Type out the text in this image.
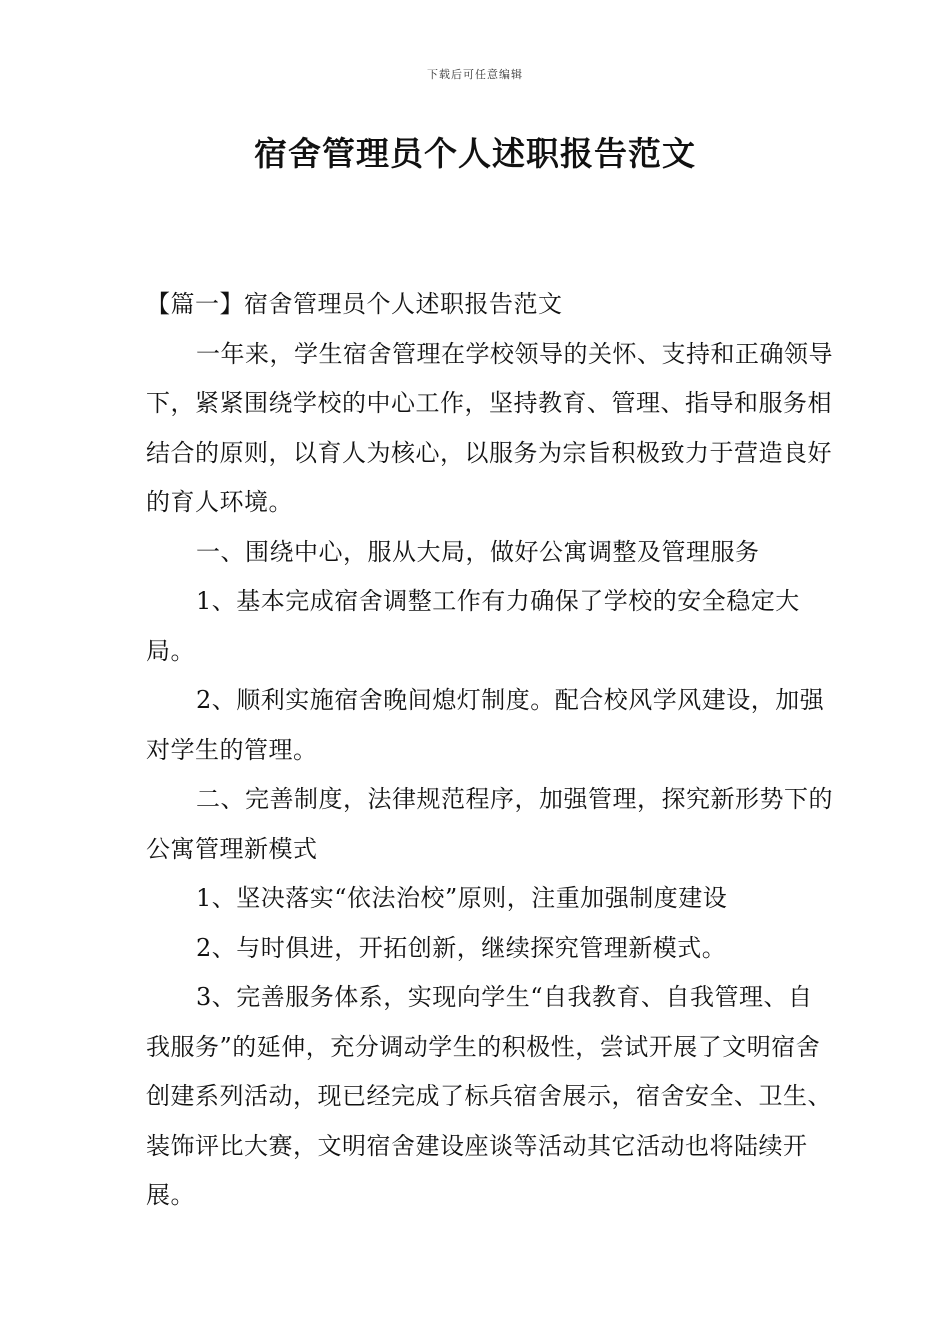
下载后可任意编辑
宿舍管理员个人述职报告范文

【篇一】宿舍管理员个人述职报告范文

一年来，学生宿舍管理在学校领导的关怀、支持和正确领导下，紧紧围绕学校的中心工作，坚持教育、管理、指导和服务相结合的原则，以育人为核心，以服务为宗旨积极致力于营造良好的育人环境。

一、围绕中心，服从大局，做好公寓调整及管理服务

1、基本完成宿舍调整工作有力确保了学校的安全稳定大局。

2、顺利实施宿舍晚间熄灯制度。配合校风学风建设，加强对学生的管理。

二、完善制度，法律规范程序，加强管理，探究新形势下的公寓管理新模式

1、坚决落实“依法治校”原则，注重加强制度建设

2、与时俱进，开拓创新，继续探究管理新模式。

3、完善服务体系，实现向学生“自我教育、自我管理、自我服务”的延伸，充分调动学生的积极性，尝试开展了文明宿舍创建系列活动，现已经完成了标兵宿舍展示，宿舍安全、卫生、装饰评比大赛，文明宿舍建设座谈等活动其它活动也将陆续开展。
